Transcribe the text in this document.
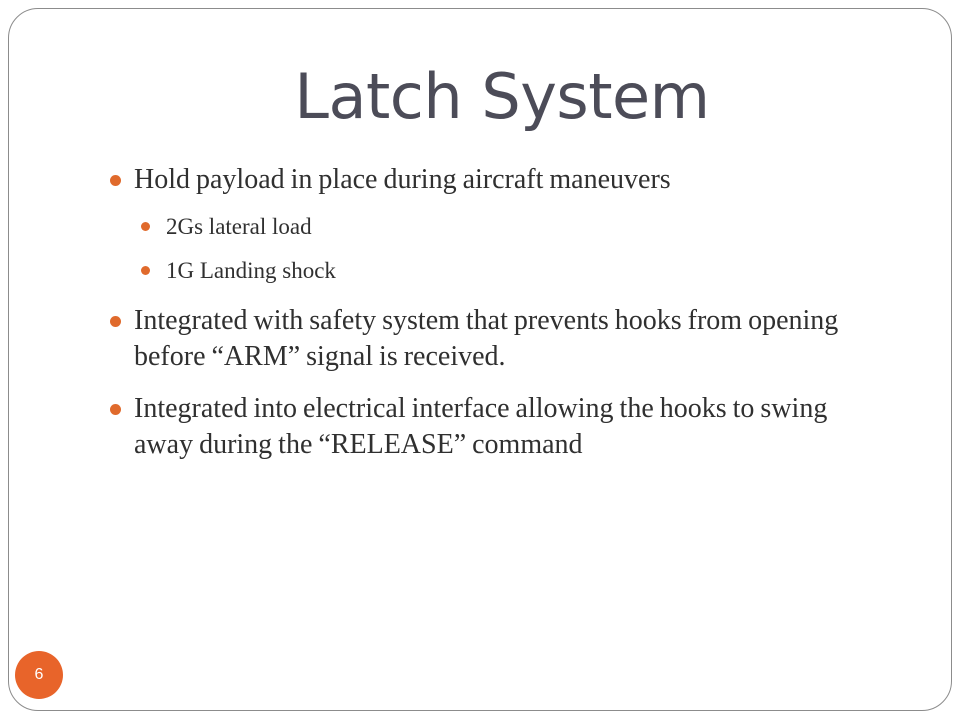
Latch System

Hold payload in place during aircraft maneuvers

2Gs lateral load

1G Landing shock

Integrated with safety system that prevents hooks from opening before “ARM” signal is received.

Integrated into electrical interface allowing the hooks to swing away during the “RELEASE” command

6
